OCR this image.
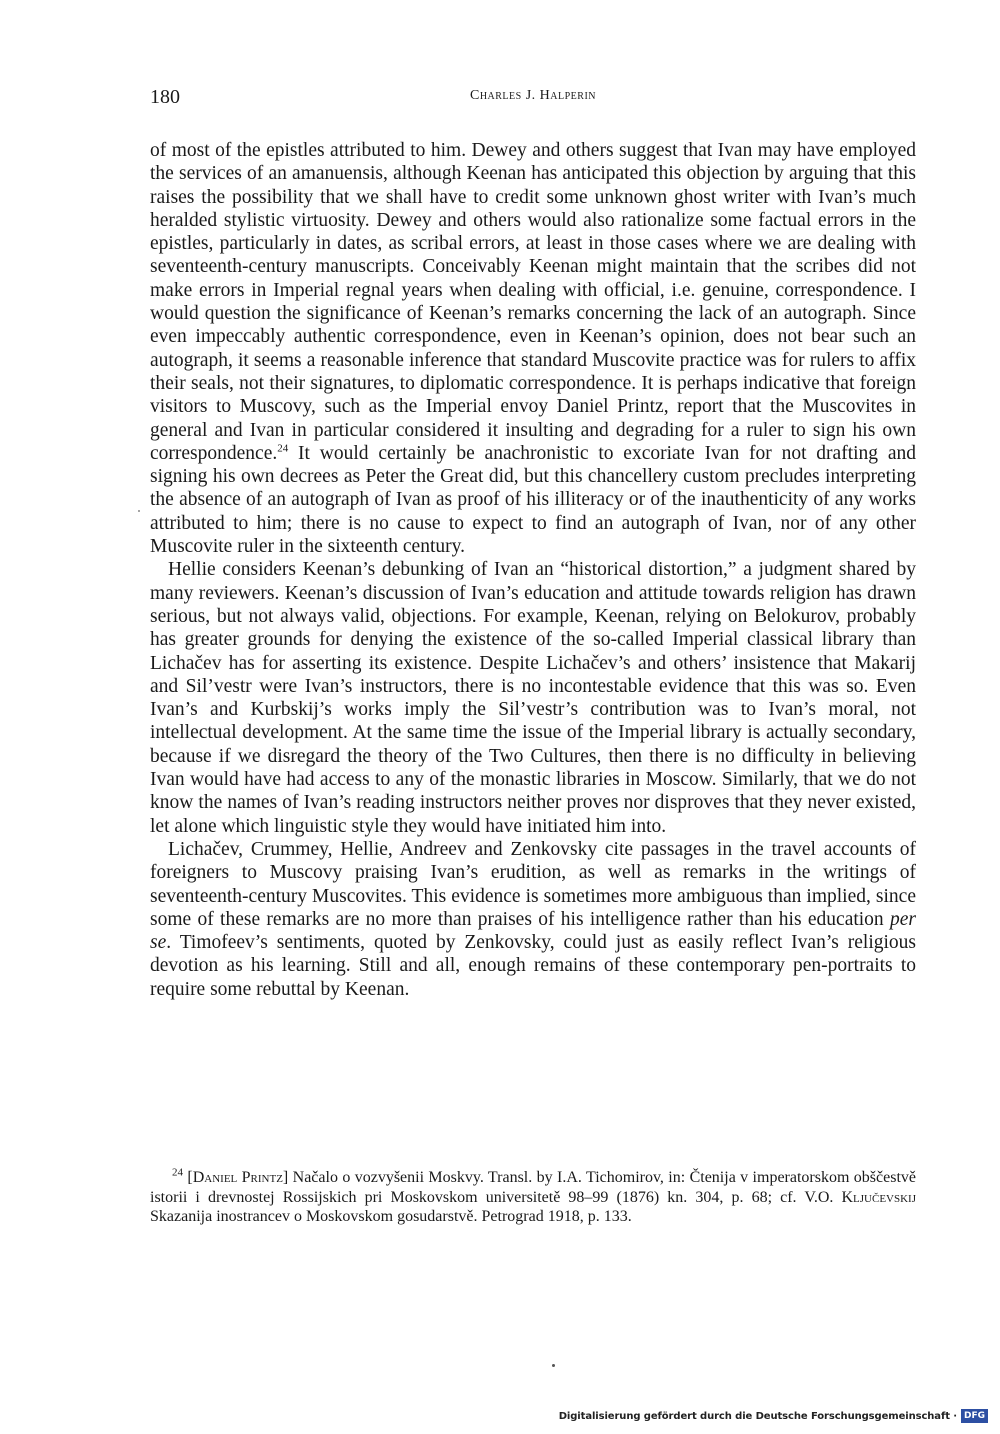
180	Charles J. Halperin

of most of the epistles attributed to him. Dewey and others suggest that Ivan may have employed the services of an amanuensis, although Keenan has anticipated this objection by arguing that this raises the possibility that we shall have to credit some unknown ghost writer with Ivan’s much heralded stylistic virtuosity. Dewey and others would also rationalize some factual errors in the epistles, particularly in dates, as scribal errors, at least in those cases where we are dealing with seventeenth-century manuscripts. Conceivably Keenan might maintain that the scribes did not make errors in Imperial regnal years when dealing with official, i.e. genuine, correspondence. I would question the significance of Keenan’s remarks concerning the lack of an autograph. Since even impeccably authentic correspondence, even in Keenan’s opinion, does not bear such an autograph, it seems a reasonable inference that standard Muscovite practice was for rulers to affix their seals, not their signatures, to diplomatic correspondence. It is perhaps indicative that foreign visitors to Muscovy, such as the Imperial envoy Daniel Printz, report that the Muscovites in general and Ivan in particular considered it insulting and degrading for a ruler to sign his own correspondence.$^{24}$ It would certainly be anachronistic to excoriate Ivan for not drafting and signing his own decrees as Peter the Great did, but this chancellery custom precludes interpreting the absence of an autograph of Ivan as proof of his illiteracy or of the inauthenticity of any works attributed to him; there is no cause to expect to find an autograph of Ivan, nor of any other Muscovite ruler in the sixteenth century.

Hellie considers Keenan’s debunking of Ivan an “historical distortion,” a judgment shared by many reviewers. Keenan’s discussion of Ivan’s education and attitude towards religion has drawn serious, but not always valid, objections. For example, Keenan, relying on Belokurov, probably has greater grounds for denying the existence of the so-called Imperial classical library than Lichačev has for asserting its existence. Despite Lichačev’s and others’ insistence that Makarij and Sil’vestr were Ivan’s instructors, there is no incontestable evidence that this was so. Even Ivan’s and Kurbskij’s works imply the Sil’vestr’s contribution was to Ivan’s moral, not intellectual development. At the same time the issue of the Imperial library is actually secondary, because if we disregard the theory of the Two Cultures, then there is no difficulty in believing Ivan would have had access to any of the monastic libraries in Moscow. Similarly, that we do not know the names of Ivan’s reading instructors neither proves nor disproves that they never existed, let alone which linguistic style they would have initiated him into.

Lichačev, Crummey, Hellie, Andreev and Zenkovsky cite passages in the travel accounts of foreigners to Muscovy praising Ivan’s erudition, as well as remarks in the writings of seventeenth-century Muscovites. This evidence is sometimes more ambiguous than implied, since some of these remarks are no more than praises of his intelligence rather than his education per se. Timofeev’s sentiments, quoted by Zenkovsky, could just as easily reflect Ivan’s religious devotion as his learning. Still and all, enough remains of these contemporary pen-portraits to require some rebuttal by Keenan.

$^{24}$ [Daniel Printz] Načalo o vozvyšenii Moskvy. Transl. by I.A. Tichomirov, in: Čtenija v imperatorskom obščestvě istorii i drevnostej Rossijskich pri Moskovskom universitetě 98–99 (1876) kn. 304, p. 68; cf. V.O. Ključevskij Skazanija inostrancev o Moskovskom gosudarstvě. Petrograd 1918, p. 133.

Digitalisierung gefördert durch die Deutsche Forschungsgemeinschaft · DFG
